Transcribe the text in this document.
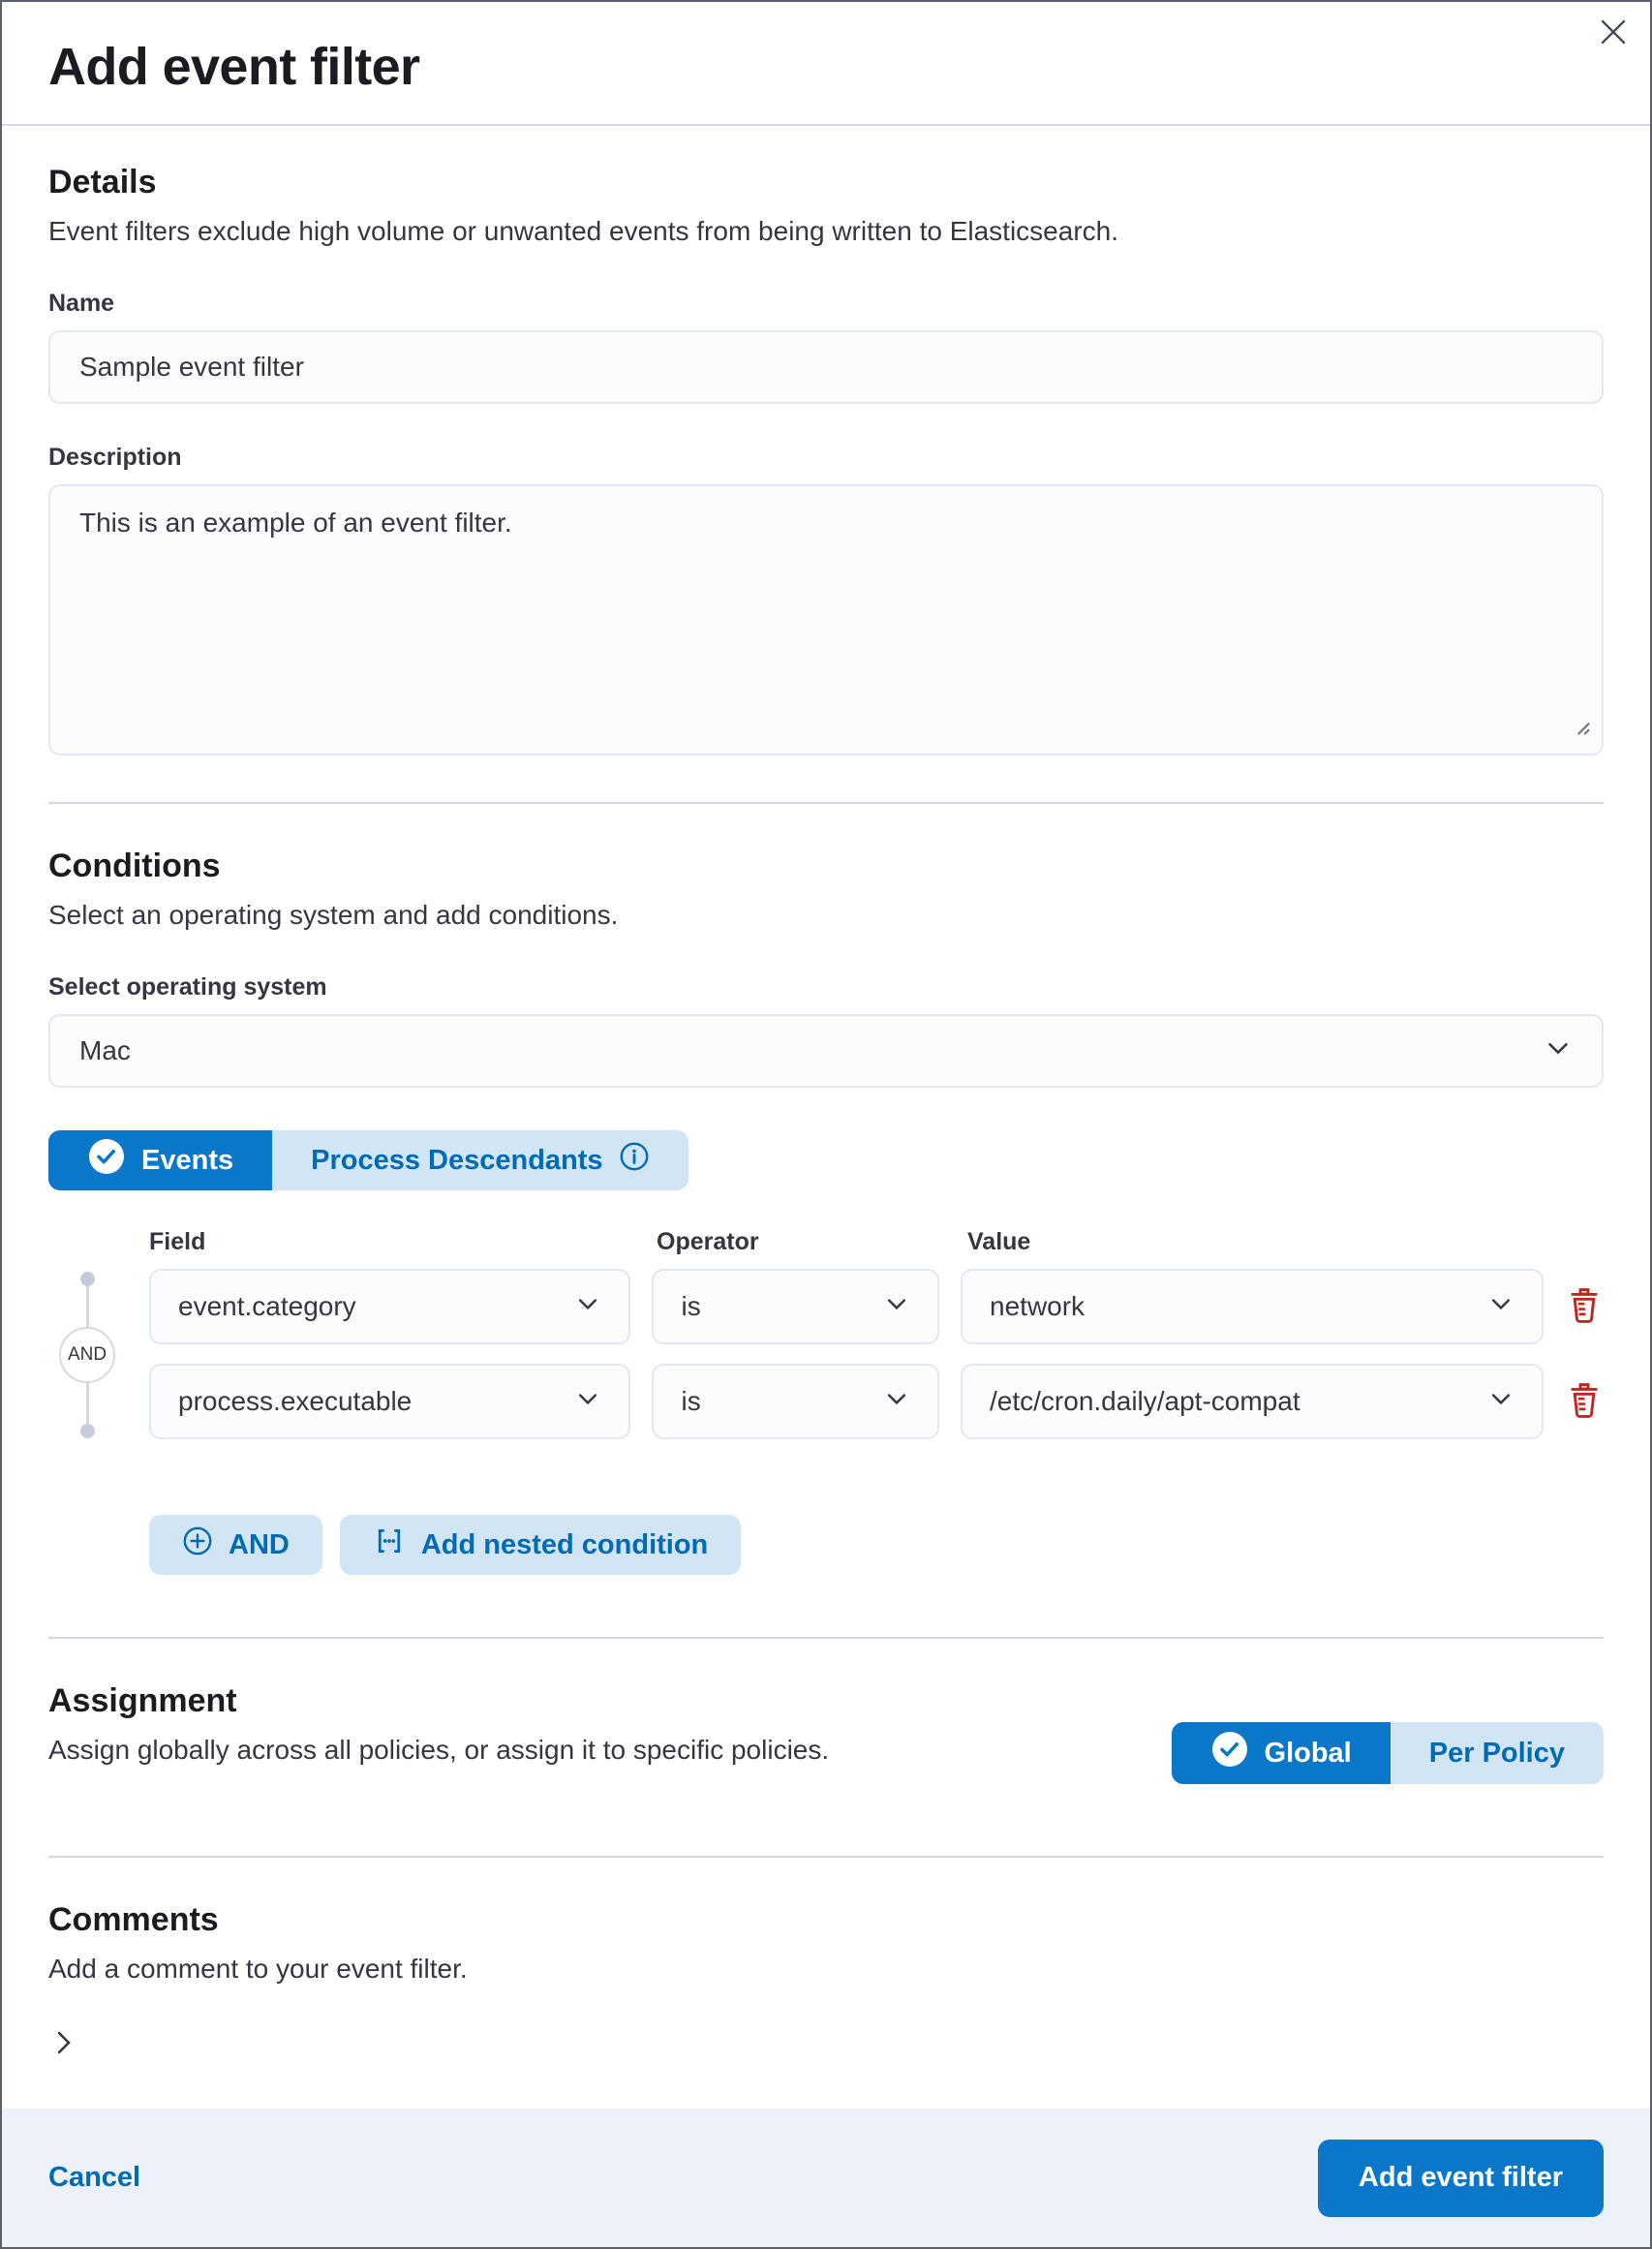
Add event filter
Details
Event filters exclude high volume or unwanted events from being written to Elasticsearch.
Name
Sample event filter
Description
This is an example of an event filter.
Conditions
Select an operating system and add conditions.
Select operating system
Mac
Events	Process Descendants
AND
Field	Operator	Value
event.category	is	network
process.executable	is	/etc/cron.daily/apt-compat
AND	Add nested condition
Assignment
Assign globally across all policies, or assign it to specific policies.	Global	Per Policy
Comments
Add a comment to your event filter.
Cancel	Add event filter
